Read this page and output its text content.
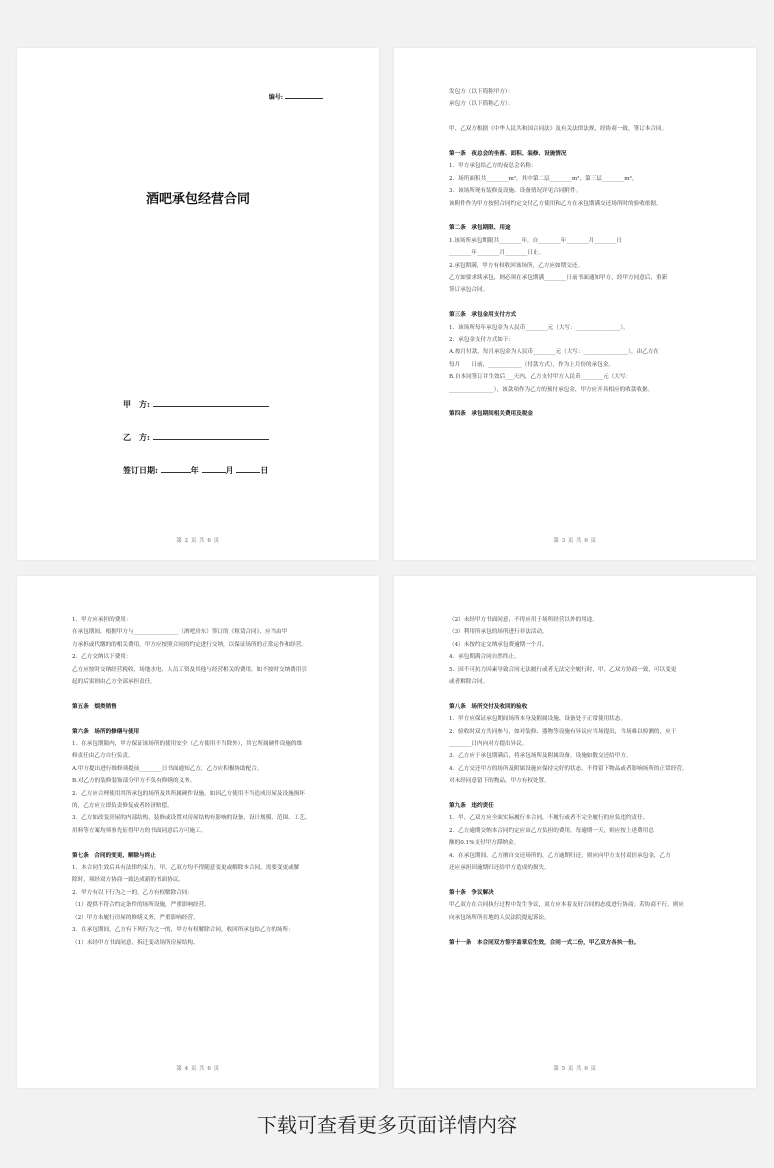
编号:
酒吧承包经营合同
甲　方:
乙　方:
签订日期:	年	月	日
第 2 页 共 6 页
发包方（以下简称甲方）：
承包方（以下简称乙方）：
甲、乙双方根据《中华人民共和国合同法》及有关法律法规，经协商一致，签订本合同。
第一条　夜总会的坐落、面积、装修、设施情况
1．甲方承包给乙方的夜总会名称：
2．场所面积共________m²，其中第二层________m²，第三层________m²。
3．该场所现有装修及设施、设备情况详见合同附件。
该附件作为甲方按照合同约定交付乙方使用和乙方在承包期满交还场所时的验收依据。
第二条　承包期限、用途
1.该场所承包期限共________年，自________年________月________日
________年________月________日止。
2.承包期满，甲方有权收回该场所，乙方应如期交还。
乙方如要求续承包，则必须在承包期满________日前书面通知甲方，经甲方同意后，重新
签订承包合同。
第三条　承包金用支付方式
1．该场所每年承包金为人民币________元（大写：________________）。
2．承包金支付方式如下：
A.按月付款，每月承包金为人民币________元（大写：________________），由乙方在
每月　　日前，____________（付款方式），作为上月份的承包金。
B.自本同签订并生效后___天内，乙方支付甲方人民币________元（大写：
________________），该款项作为乙方的预付承包金，甲方应开具相应的收款收据。
第四条　承包期间相关费用及税金
第 3 页 共 6 页
1．甲方应承担的费用：
在承包期间，根据甲方与________________（酒吧房东）签订的《租赁合同》，应当由甲
方承担或代缴的的相关费用，甲方应按照合同的约定进行交纳，以保证场所的正常运作和经营。
2．乙方交纳以下费用：
乙方应按时交纳经营税收、场地水电、人员工资及其他与经营相关的费用，如不按时交纳费用引
起的后果则由乙方全部承担责任。
第五条　烟类销售
第六条　场所的修缮与使用
1．在承包期限内，甲方保证该场所的使用安全（乙方使用不当除外），其它所属硬件设施的维
修责任由乙方自行负责。
A.甲方提出进行维修须提前________日书面通知乙方，乙方应积极协助配合。
B.对乙方的装修装饰部分甲方不负有修缮的义务。
2．乙方应合理使用其所承包的场所及其所属硬件设施。如因乙方使用不当造成房屋及设施损坏
的，乙方应立即负责修复或者经济赔偿。
3．乙方如改变房屋的内部结构，装修或设置对房屋结构有影响的设备，设计规模、范围、工艺、
用料等方案均须事先征得甲方的书面同意后方可施工。
第七条　合同的变更、解除与终止
1．本合同生效后具有法律约束力，甲、乙双方均不得随意变更或解除本合同，需要变更或解
除时，须经双方协商一致达成新的书面协议。
2．甲方有以下行为之一的，乙方有权解除合同：
（1）提供不符合约定条件的场所设施，严重影响经营。
（2）甲方未履行房屋的修缮义务，严重影响经营。
3．在承包期间，乙方有下列行为之一的，甲方有权解除合同，收回所承包给乙方的场所：
（1）未经甲方书面同意，拆迁变动场所房屋结构。
第 4 页 共 6 页
（2）未经甲方书面同意，不得应用于场所经营以外的用途。
（3）利用所承包的场所进行非法活动。
（4）未按约定交纳承包费逾期一个月。
4．承包期满合同自然终止。
5．因不可抗力因素导致合同无法履行或者无法完全履行时，甲、乙双方协商一致，可以变更
或者解除合同。
第八条　场所交付及收回的验收
1．甲方应保证承包期间场所本身及附属设施、设备处于正常使用状态。
2．验收时双方共同参与，如对装修、器物等设施有异议应当场提出，当场难以检测的，应于
________日内向对方提出异议。
3．乙方应于承包期满后，将承包场所及附属设备，设施如数交还给甲方。
4．乙方交还甲方的场所及附属设施应保持完好的状态，不得留下物品或者影响场所的正常经营。
对未经同意留下的物品，甲方有权处置。
第九条　违约责任
1．甲、乙双方应全面实际履行本合同，不履行或者不完全履行的应负违约责任。
2．乙方逾期交纳本合同约定应由乙方负担的费用，每逾期一天，则应按上述费用总
额的0.1%支付甲方滞纳金。
4．在承包期间，乙方擅自交还场所的，乙方逾期归还，则应向甲方支付双倍承包金，乙方
还应承担因逾期归还给甲方造成的损失。
第十条　争议解决
甲乙双方在合同执行过程中发生争议，双方应本着友好合同的态度进行协商；若协商不行，则应
向承包场所所在地的人民法院提起诉讼。
第十一条　本合同双方签字盖章后生效，合同一式二份，甲乙双方各执一份。
第 5 页 共 6 页
下载可查看更多页面详情内容
